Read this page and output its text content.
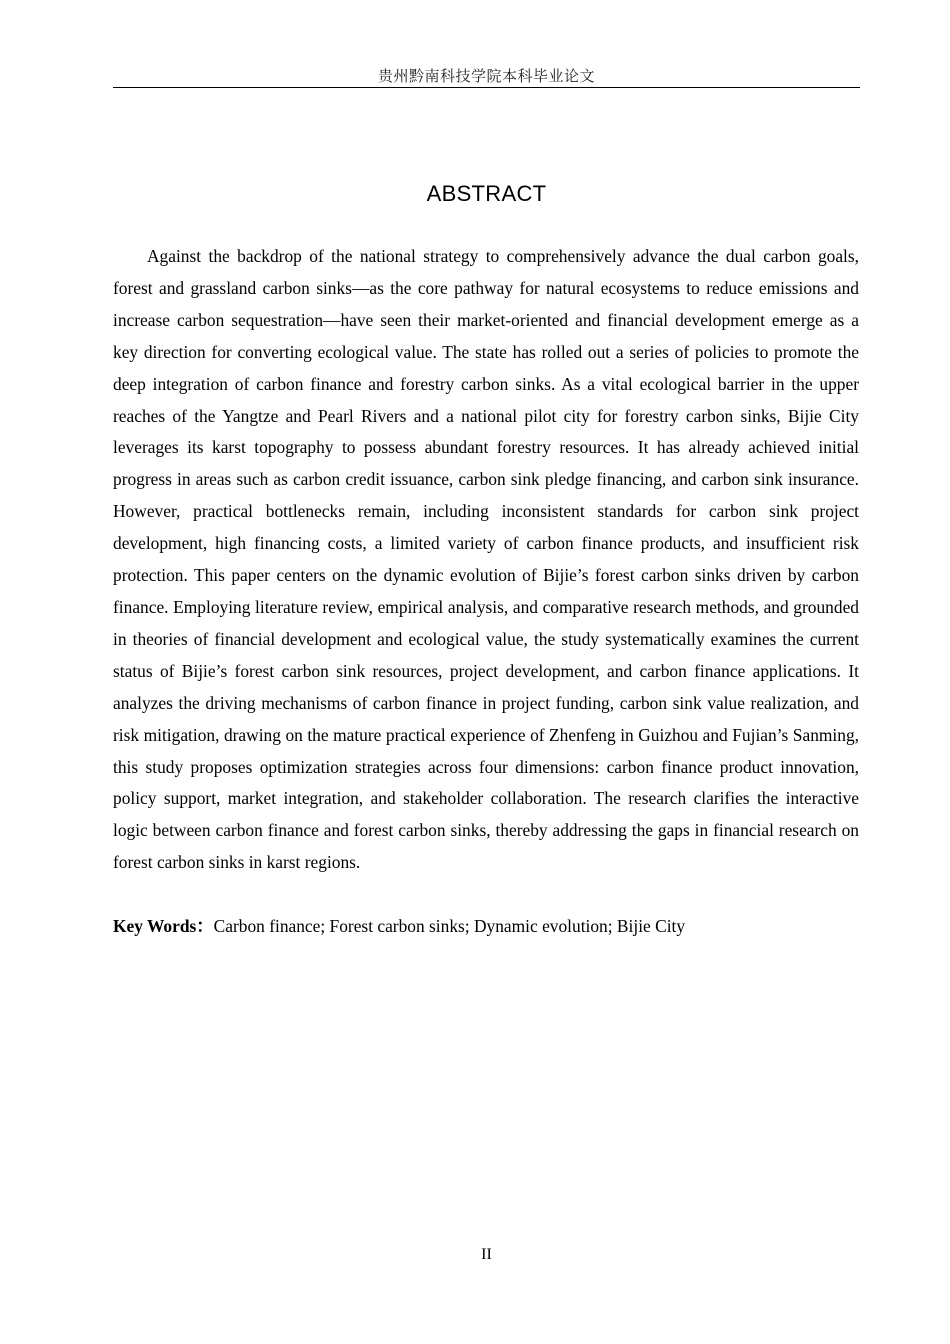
贵州黔南科技学院本科毕业论文
ABSTRACT

Against the backdrop of the national strategy to comprehensively advance the dual carbon goals, forest and grassland carbon sinks—as the core pathway for natural ecosystems to reduce emissions and increase carbon sequestration—have seen their market-oriented and financial development emerge as a key direction for converting ecological value. The state has rolled out a series of policies to promote the deep integration of carbon finance and forestry carbon sinks. As a vital ecological barrier in the upper reaches of the Yangtze and Pearl Rivers and a national pilot city for forestry carbon sinks, Bijie City leverages its karst topography to possess abundant forestry resources. It has already achieved initial progress in areas such as carbon credit issuance, carbon sink pledge financing, and carbon sink insurance. However, practical bottlenecks remain, including inconsistent standards for carbon sink project development, high financing costs, a limited variety of carbon finance products, and insufficient risk protection. This paper centers on the dynamic evolution of Bijie’s forest carbon sinks driven by carbon finance. Employing literature review, empirical analysis, and comparative research methods, and grounded in theories of financial development and ecological value, the study systematically examines the current status of Bijie’s forest carbon sink resources, project development, and carbon finance applications. It analyzes the driving mechanisms of carbon finance in project funding, carbon sink value realization, and risk mitigation, drawing on the mature practical experience of Zhenfeng in Guizhou and Fujian’s Sanming, this study proposes optimization strategies across four dimensions: carbon finance product innovation, policy support, market integration, and stakeholder collaboration. The research clarifies the interactive logic between carbon finance and forest carbon sinks, thereby addressing the gaps in financial research on forest carbon sinks in karst regions.

Key Words：Carbon finance; Forest carbon sinks; Dynamic evolution; Bijie City

II
